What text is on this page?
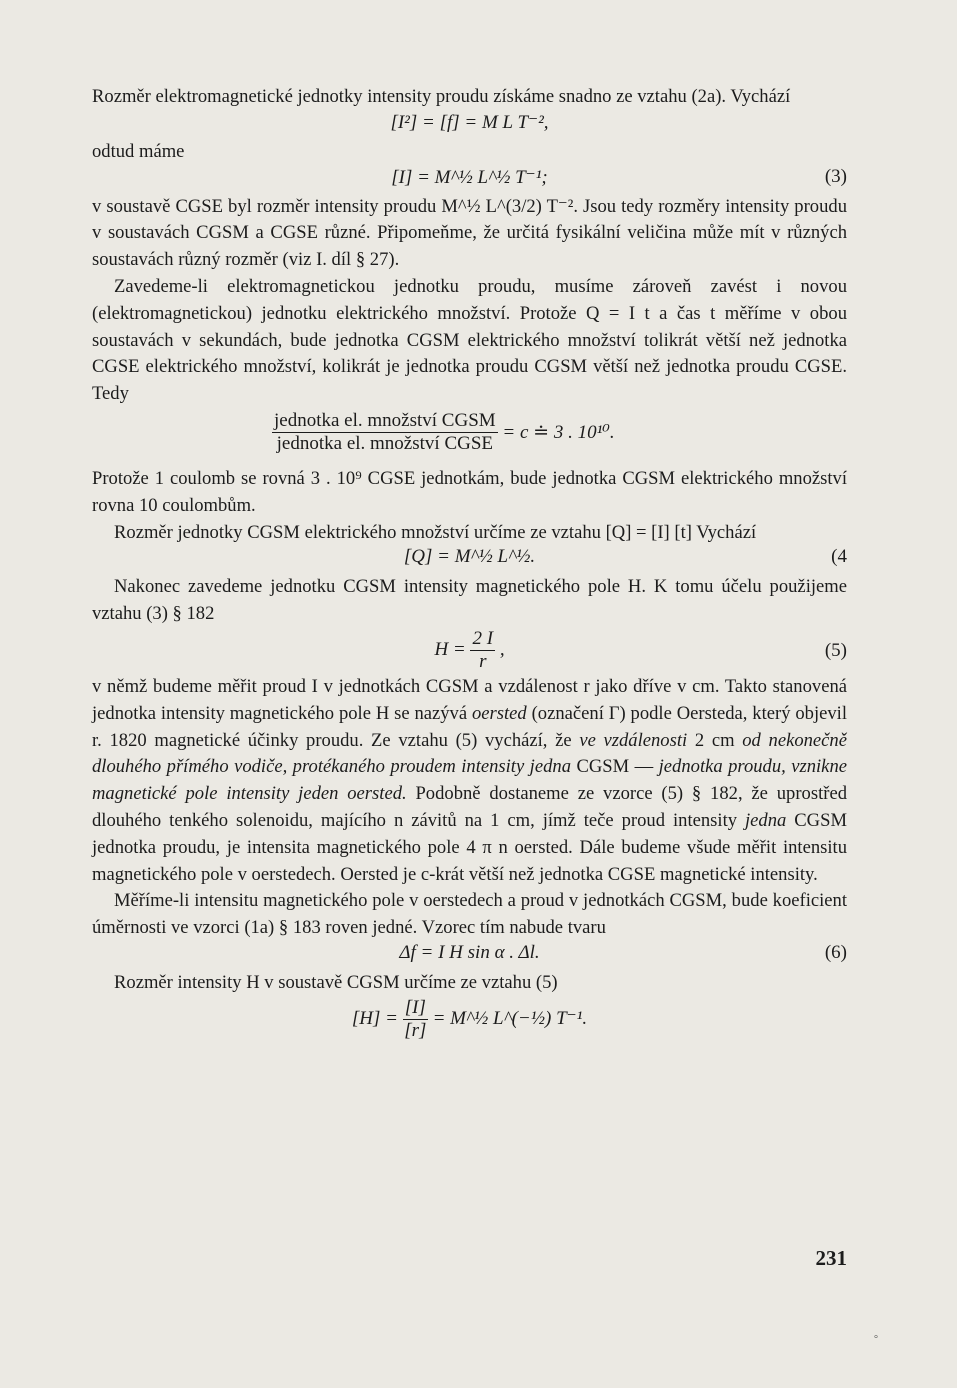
Rozměr elektromagnetické jednotky intensity proudu získáme snadno ze vztahu (2a). Vychází

[I²] = [f] = M L T⁻²,

odtud máme

[I] = M^½ L^½ T⁻¹;	(3)

v soustavě CGSE byl rozměr intensity proudu M^½ L^(3/2) T⁻². Jsou tedy rozměry intensity proudu v soustavách CGSM a CGSE různé. Připomeňme, že určitá fysikální veličina může mít v různých soustavách různý rozměr (viz I. díl § 27).

Zavedeme-li elektromagnetickou jednotku proudu, musíme zároveň zavést i novou (elektromagnetickou) jednotku elektrického množství. Protože Q = I t a čas t měříme v obou soustavách v sekundách, bude jednotka CGSM elektrického množství tolikrát větší než jednotka CGSE elektrického množství, kolikrát je jednotka proudu CGSM větší než jednotka proudu CGSE. Tedy

$\frac{\text{jednotka el. množství CGSM}}{\text{jednotka el. množství CGSE}} = c$ ≐ 3 . 10¹⁰.

Protože 1 coulomb se rovná 3 . 10⁹ CGSE jednotkám, bude jednotka CGSM elektrického množství rovna 10 coulombům.

Rozměr jednotky CGSM elektrického množství určíme ze vztahu [Q] = [I] [t] Vychází

[Q] = M^½ L^½.	(4

Nakonec zavedeme jednotku CGSM intensity magnetického pole H. K tomu účelu použijeme vztahu (3) § 182

$H = \frac{2 I}{r}$ ,	(5)

v němž budeme měřit proud I v jednotkách CGSM a vzdálenost r jako dříve v cm. Takto stanovená jednotka intensity magnetického pole H se nazývá oersted (označení Γ) podle Oersteda, který objevil r. 1820 magnetické účinky proudu. Ze vztahu (5) vychází, že ve vzdálenosti 2 cm od nekonečně dlouhého přímého vodiče, protékaného proudem intensity jedna CGSM — jednotka proudu, vznikne magnetické pole intensity jeden oersted. Podobně dostaneme ze vzorce (5) § 182, že uprostřed dlouhého tenkého solenoidu, majícího n závitů na 1 cm, jímž teče proud intensity jedna CGSM jednotka proudu, je intensita magnetického pole 4 π n oersted. Dále budeme všude měřit intensitu magnetického pole v oerstedech. Oersted je c-krát větší než jednotka CGSE magnetické intensity.

Měříme-li intensitu magnetického pole v oerstedech a proud v jednotkách CGSM, bude koeficient úměrnosti ve vzorci (1a) § 183 roven jedné. Vzorec tím nabude tvaru

Δf = I H sin α . Δl.	(6)

Rozměr intensity H v soustavě CGSM určíme ze vztahu (5)

$[H] = \frac{[I]}{[r]}$ = M^½ L^(−½) T⁻¹.
231
°
